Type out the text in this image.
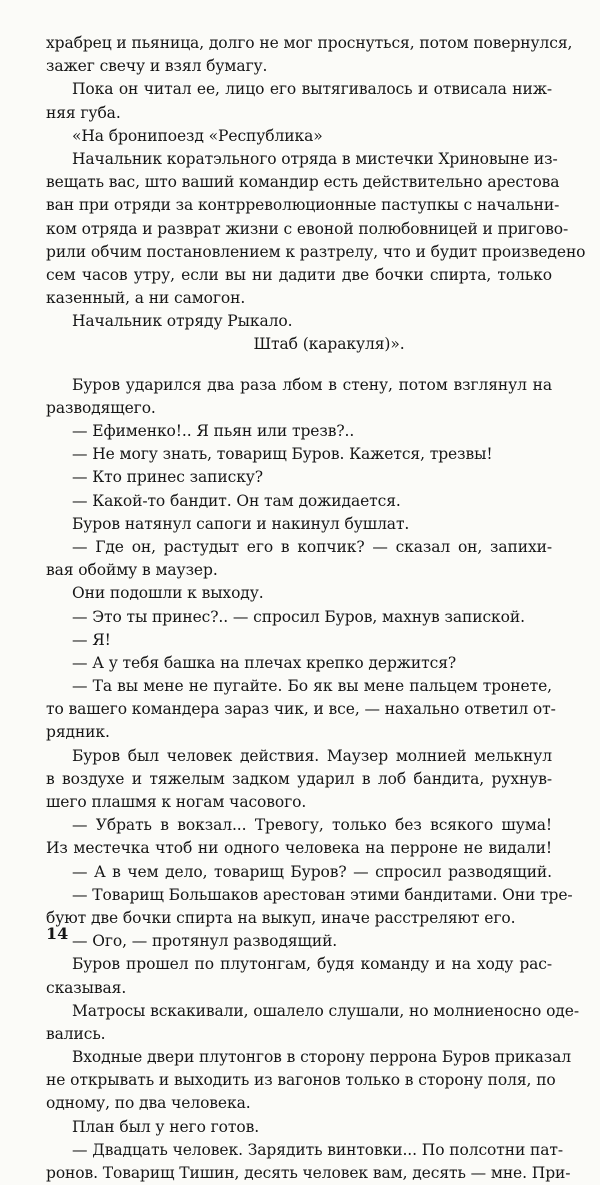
храбрец и пьяница, долго не мог проснуться, потом повернулся,
зажег свечу и взял бумагу.
Пока он читал ее, лицо его вытягивалось и отвисала ниж-
няя губа.
«На бронипоезд «Республика»
Начальник коратэльного отряда в мистечки Хриновыне из-
вещать вас, што ваший командир есть действительно арестова
ван при отряди за контрреволюционные паступкы с начальни-
ком отряда и разврат жизни с евоной полюбовницей и пригово-
рили обчим постановлением к разтрелу, что и будит произведено
сем часов утру, если вы ни дадити две бочки спирта, только
казенный, а ни самогон.
Начальник отряду Рыкало.
Штаб (каракуля)».
Буров ударился два раза лбом в стену, потом взглянул на
разводящего.
— Ефименко!.. Я пьян или трезв?..
— Не могу знать, товарищ Буров. Кажется, трезвы!
— Кто принес записку?
— Какой-то бандит. Он там дожидается.
Буров натянул сапоги и накинул бушлат.
— Где он, растудыт его в копчик? — сказал он, запихи-
вая обойму в маузер.
Они подошли к выходу.
— Это ты принес?.. — спросил Буров, махнув запиской.
— Я!
— А у тебя башка на плечах крепко держится?
— Та вы мене не пугайте. Бо як вы мене пальцем тронете,
то вашего командера зараз чик, и все, — нахально ответил от-
рядник.
Буров был человек действия. Маузер молнией мелькнул
в воздухе и тяжелым задком ударил в лоб бандита, рухнув-
шего плашмя к ногам часового.
— Убрать в вокзал... Тревогу, только без всякого шума!
Из местечка чтоб ни одного человека на перроне не видали!
— А в чем дело, товарищ Буров? — спросил разводящий.
— Товарищ Большаков арестован этими бандитами. Они тре-
буют две бочки спирта на выкуп, иначе расстреляют его.
— Ого, — протянул разводящий.
Буров прошел по плутонгам, будя команду и на ходу рас-
сказывая.
Матросы вскакивали, ошалело слушали, но молниеносно оде-
вались.
Входные двери плутонгов в сторону перрона Буров приказал
не открывать и выходить из вагонов только в сторону поля, по
одному, по два человека.
План был у него готов.
— Двадцать человек. Зарядить винтовки... По полсотни пат-
ронов. Товарищ Тишин, десять человек вам, десять — мне. При-
14
